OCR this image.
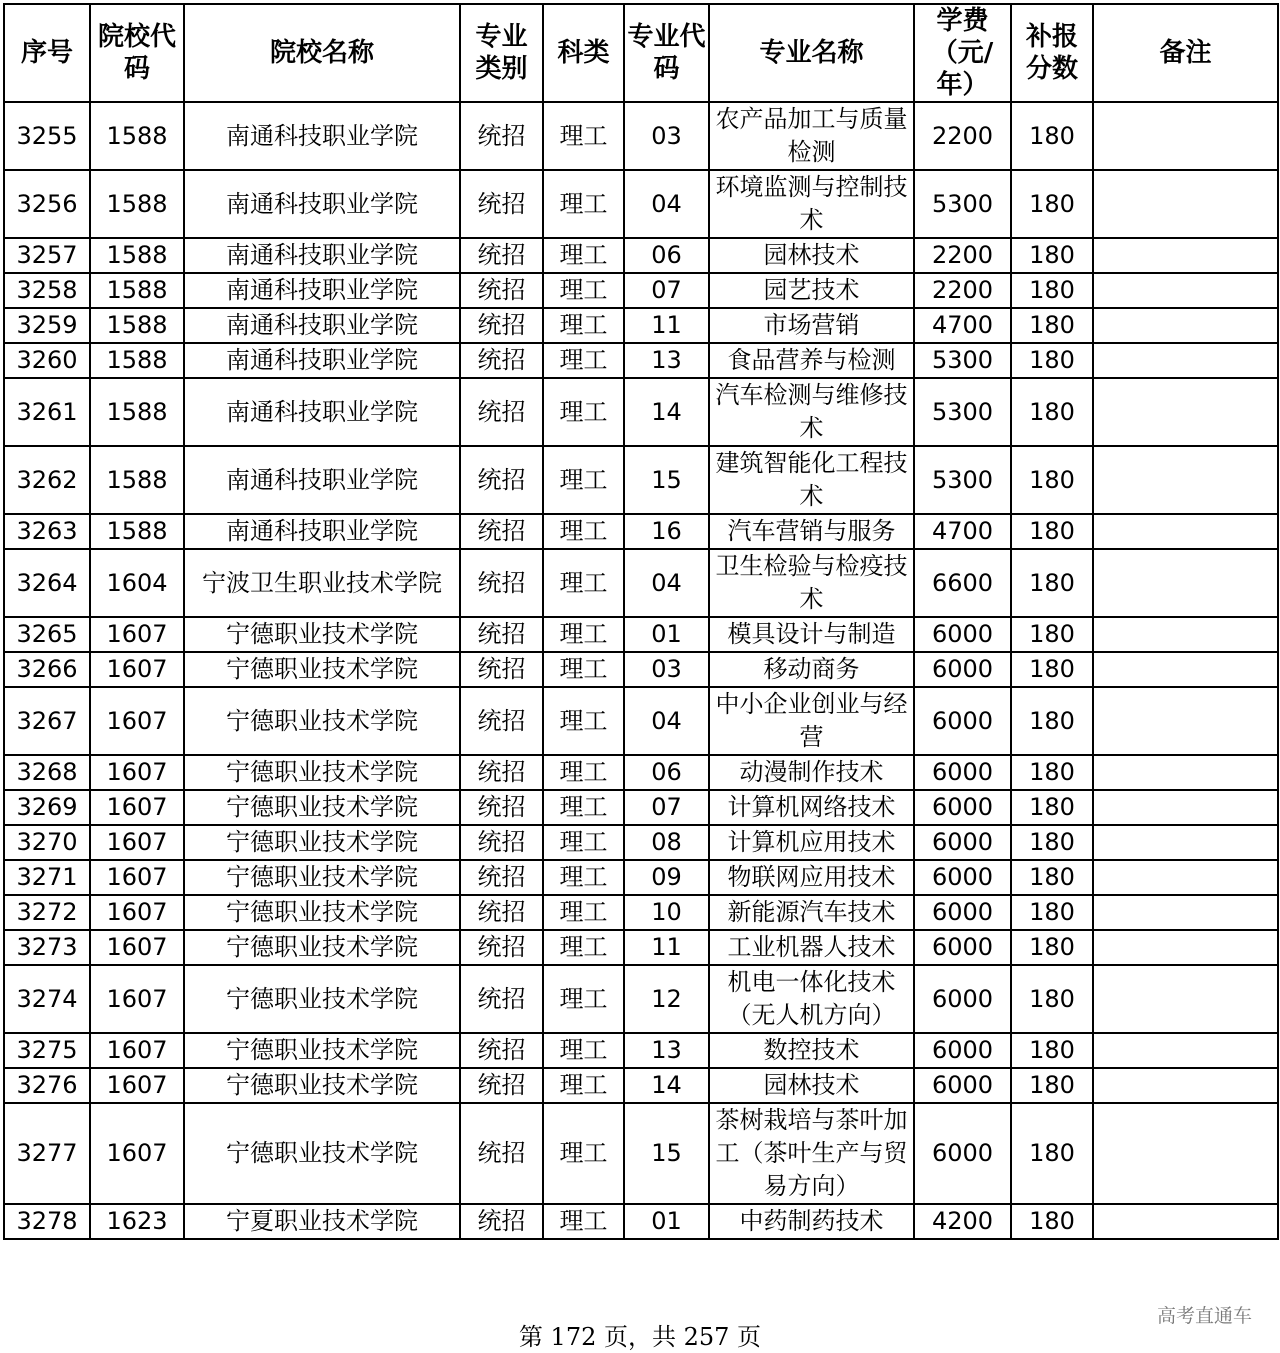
序号	院校代码	院校名称	专业类别	科类	专业代码	专业名称	学费（元/年）	补报分数	备注
3255	1588	南通科技职业学院	统招	理工	03	农产品加工与质量检测	2200	180	
3256	1588	南通科技职业学院	统招	理工	04	环境监测与控制技术	5300	180	
3257	1588	南通科技职业学院	统招	理工	06	园林技术	2200	180	
3258	1588	南通科技职业学院	统招	理工	07	园艺技术	2200	180	
3259	1588	南通科技职业学院	统招	理工	11	市场营销	4700	180	
3260	1588	南通科技职业学院	统招	理工	13	食品营养与检测	5300	180	
3261	1588	南通科技职业学院	统招	理工	14	汽车检测与维修技术	5300	180	
3262	1588	南通科技职业学院	统招	理工	15	建筑智能化工程技术	5300	180	
3263	1588	南通科技职业学院	统招	理工	16	汽车营销与服务	4700	180	
3264	1604	宁波卫生职业技术学院	统招	理工	04	卫生检验与检疫技术	6600	180	
3265	1607	宁德职业技术学院	统招	理工	01	模具设计与制造	6000	180	
3266	1607	宁德职业技术学院	统招	理工	03	移动商务	6000	180	
3267	1607	宁德职业技术学院	统招	理工	04	中小企业创业与经营	6000	180	
3268	1607	宁德职业技术学院	统招	理工	06	动漫制作技术	6000	180	
3269	1607	宁德职业技术学院	统招	理工	07	计算机网络技术	6000	180	
3270	1607	宁德职业技术学院	统招	理工	08	计算机应用技术	6000	180	
3271	1607	宁德职业技术学院	统招	理工	09	物联网应用技术	6000	180	
3272	1607	宁德职业技术学院	统招	理工	10	新能源汽车技术	6000	180	
3273	1607	宁德职业技术学院	统招	理工	11	工业机器人技术	6000	180	
3274	1607	宁德职业技术学院	统招	理工	12	机电一体化技术（无人机方向）	6000	180	
3275	1607	宁德职业技术学院	统招	理工	13	数控技术	6000	180	
3276	1607	宁德职业技术学院	统招	理工	14	园林技术	6000	180	
3277	1607	宁德职业技术学院	统招	理工	15	茶树栽培与茶叶加工（茶叶生产与贸易方向）	6000	180	
3278	1623	宁夏职业技术学院	统招	理工	01	中药制药技术	4200	180	
第 172 页，共 257 页
高考直通车
